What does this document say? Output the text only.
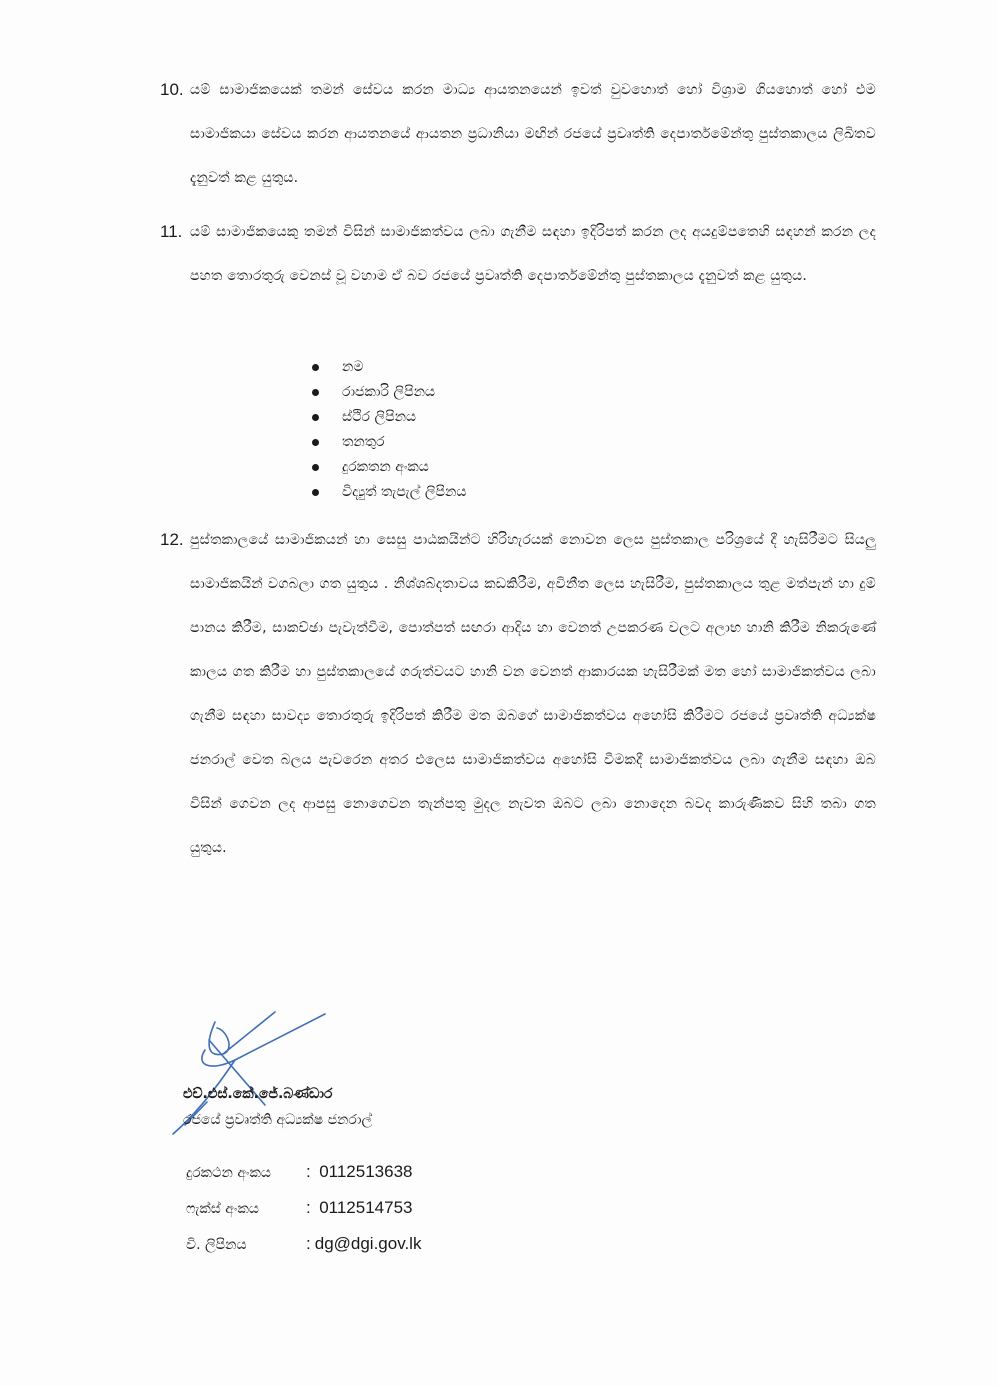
10. යම් සාමාජිකයෙක් තමන් සේවය කරන මාධ්‍ය ආයතනයෙන් ඉවත් වුවහොත් හෝ විශ්‍රාම ගියහොත් හෝ එම සාමාජිකයා සේවය කරන ආයතනයේ ආයතන ප්‍රධානියා මඟින් රජයේ ප්‍රවෘත්ති දෙපාර්තමේන්තු පුස්තකාලය ලිඛිතව දැනුවත් කළ යුතුය.
11. යම් සාමාජිකයෙකු තමන් විසින් සාමාජිකත්වය ලබා ගැනීම සඳහා ඉදිරිපත් කරන ලද අයදුම්පතෙහි සඳහන් කරන ලද පහත තොරතුරු වෙනස් වූ වහාම ඒ බව රජයේ ප්‍රවෘත්ති දෙපාර්තමේන්තු පුස්තකාලය දැනුවත් කළ යුතුය.
නම
රාජකාරි ලිපිනය
ස්ථිර ලිපිනය
තනතුර
දුරකතන අංකය
විද්‍යුත් තැපැල් ලිපිනය
12. පුස්තකාලයේ සාමාජිකයන් හා සෙසු පාඨකයින්ට හිරිහැරයක් නොවන ලෙස පුස්තකාල පරිශ්‍රයේ දී හැසිරීමට සියලු සාමාජිකයින් වගබලා ගත යුතුය . නිශ්ශබ්දතාවය කඩකිරීම, අවිනීත ලෙස හැසිරීම, පුස්තකාලය තුළ මත්පැන් හා දුම් පානය කිරීම, සාකච්ඡා පැවැත්වීම, පොත්පත් සඟරා ආදිය හා වෙනත් උපකරණ වලට අලාභ හානි කිරීම නිකරුණේ කාලය ගත කිරීම හා පුස්තකාලයේ ගරුත්වයට හානි වන වෙනත් ආකාරයක හැසිරීමක් මත හෝ සාමාජිකත්වය ලබා ගැනීම සඳහා සාවද්‍ය තොරතුරු ඉදිරිපත් කිරීම මත ඔබගේ සාමාජිකත්වය අහෝසි කිරීමට රජයේ ප්‍රවෘත්ති අධ්‍යක්ෂ ජනරාල් වෙත බලය පැවරෙන අතර එලෙස සාමාජිකත්වය අහෝසි වීමකදී සාමාජිකත්වය ලබා ගැනීම සඳහා ඔබ විසින් ගෙවන ලද ආපසු නොගෙවන තැන්පතු මුදල නැවත ඔබට ලබා නොදෙන බවද කාරුණිකව සිහි තබා ගත යුතුය.
එච්.එස්.කේ.ජේ.බණ්ඩාර
රජයේ ප්‍රවෘත්ති අධ්‍යක්ෂ ජනරාල්
දුරකථන අංකය : 0112513638
ෆැක්ස් අංකය	: 0112514753
වි. ලිපිනය	: dg@dgi.gov.lk
